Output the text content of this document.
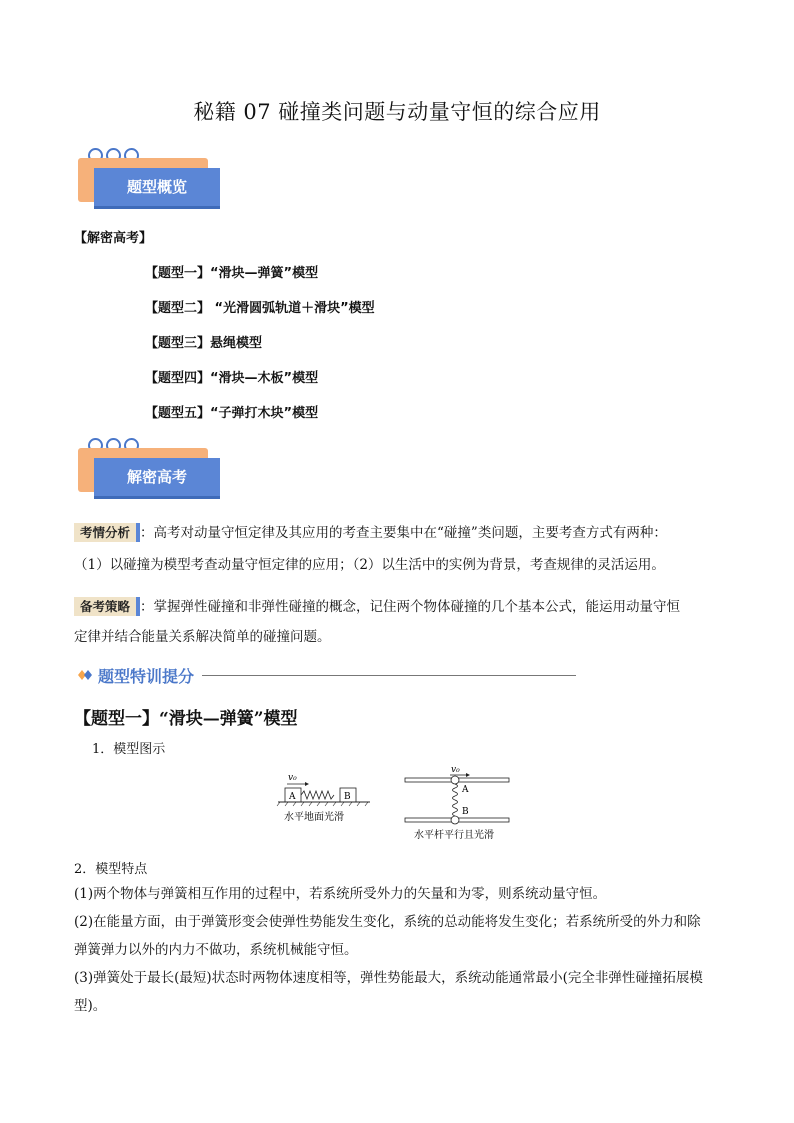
秘籍 07 碰撞类问题与动量守恒的综合应用
题型概览
【解密高考】
【题型一】“滑块—弹簧”模型
【题型二】 “光滑圆弧轨道＋滑块”模型
【题型三】悬绳模型
【题型四】“滑块—木板”模型
【题型五】“子弹打木块”模型
解密高考
考情分析 ：高考对动量守恒定律及其应用的考查主要集中在“碰撞”类问题，主要考查方式有两种：
（1）以碰撞为模型考查动量守恒定律的应用；（2）以生活中的实例为背景，考查规律的灵活运用。
备考策略 ：掌握弹性碰撞和非弹性碰撞的概念，记住两个物体碰撞的几个基本公式，能运用动量守恒
定律并结合能量关系解决简单的碰撞问题。
题型特训提分
【题型一】“滑块—弹簧”模型
1．模型图示
v₀
A	B
水平地面光滑
v₀
A
B
水平杆平行且光滑
2．模型特点
(1)两个物体与弹簧相互作用的过程中，若系统所受外力的矢量和为零，则系统动量守恒。
(2)在能量方面，由于弹簧形变会使弹性势能发生变化，系统的总动能将发生变化；若系统所受的外力和除
弹簧弹力以外的内力不做功，系统机械能守恒。
(3)弹簧处于最长(最短)状态时两物体速度相等，弹性势能最大，系统动能通常最小(完全非弹性碰撞拓展模
型)。
